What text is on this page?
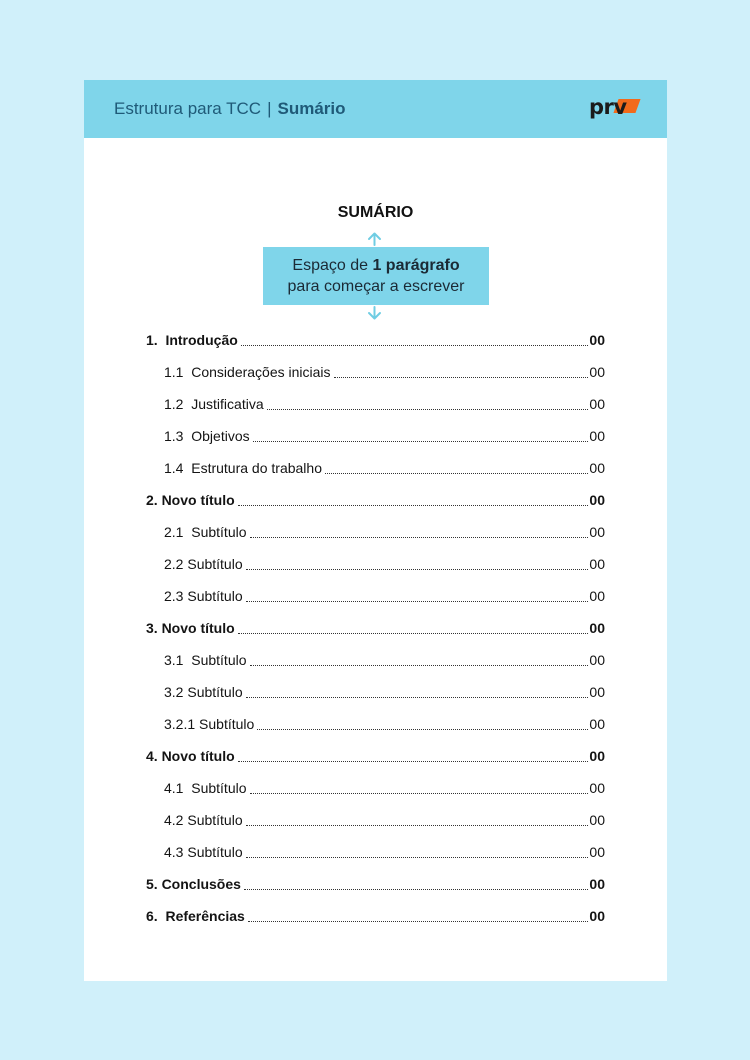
Estrutura para TCC | Sumário	prv
SUMÁRIO
Espaço de 1 parágrafo
para começar a escrever
1.  Introdução	00
1.1  Considerações iniciais	00
1.2  Justificativa	00
1.3  Objetivos	00
1.4  Estrutura do trabalho	00
2. Novo título	00
2.1  Subtítulo	00
2.2 Subtítulo	00
2.3 Subtítulo	00
3. Novo título	00
3.1  Subtítulo	00
3.2 Subtítulo	00
3.2.1 Subtítulo	00
4. Novo título	00
4.1  Subtítulo	00
4.2 Subtítulo	00
4.3 Subtítulo	00
5. Conclusões	00
6.  Referências	00
